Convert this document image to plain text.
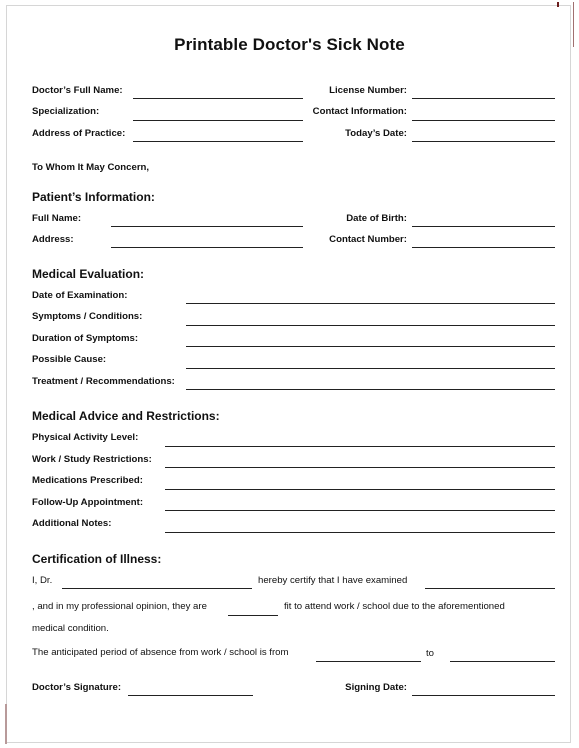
Printable Doctor's Sick Note
Doctor’s Full Name:	License Number:
Specialization:	Contact Information:
Address of Practice:	Today’s Date:
To Whom It May Concern,
Patient’s Information:
Full Name:	Date of Birth:
Address:	Contact Number:
Medical Evaluation:
Date of Examination:
Symptoms / Conditions:
Duration of Symptoms:
Possible Cause:
Treatment / Recommendations:
Medical Advice and Restrictions:
Physical Activity Level:
Work / Study Restrictions:
Medications Prescribed:
Follow-Up Appointment:
Additional Notes:
Certification of Illness:
I, Dr.	hereby certify that I have examined
, and in my professional opinion, they are	fit to attend work / school due to the aforementioned
medical condition.
The anticipated period of absence from work / school is from	to
Doctor’s Signature:	Signing Date:
